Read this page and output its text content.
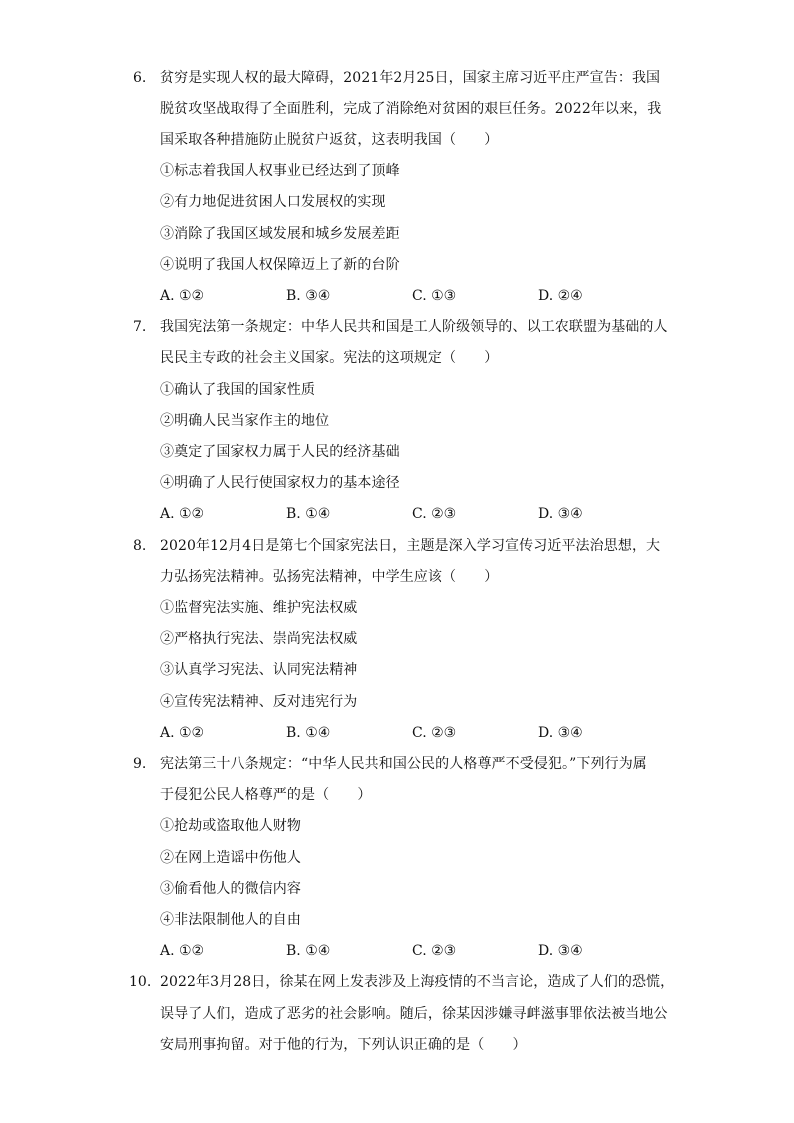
6. 贫穷是实现人权的最大障碍，2021年2月25日，国家主席习近平庄严宣告：我国
脱贫攻坚战取得了全面胜利，完成了消除绝对贫困的艰巨任务。2022年以来，我
国采取各种措施防止脱贫户返贫，这表明我国（　　）
①标志着我国人权事业已经达到了顶峰
②有力地促进贫困人口发展权的实现
③消除了我国区域发展和城乡发展差距
④说明了我国人权保障迈上了新的台阶
A. ①②	B. ③④	C. ①③	D. ②④
7. 我国宪法第一条规定：中华人民共和国是工人阶级领导的、以工农联盟为基础的人
民民主专政的社会主义国家。宪法的这项规定（　　）
①确认了我国的国家性质
②明确人民当家作主的地位
③奠定了国家权力属于人民的经济基础
④明确了人民行使国家权力的基本途径
A. ①②	B. ①④	C. ②③	D. ③④
8. 2020年12月4日是第七个国家宪法日，主题是深入学习宣传习近平法治思想，大
力弘扬宪法精神。弘扬宪法精神，中学生应该（　　）
①监督宪法实施、维护宪法权威
②严格执行宪法、崇尚宪法权威
③认真学习宪法、认同宪法精神
④宣传宪法精神、反对违宪行为
A. ①②	B. ①④	C. ②③	D. ③④
9. 宪法第三十八条规定：“中华人民共和国公民的人格尊严不受侵犯。”下列行为属
于侵犯公民人格尊严的是（　　）
①抢劫或盗取他人财物
②在网上造谣中伤他人
③偷看他人的微信内容
④非法限制他人的自由
A. ①②	B. ①④	C. ②③	D. ③④
10. 2022年3月28日，徐某在网上发表涉及上海疫情的不当言论，造成了人们的恐慌，
误导了人们，造成了恶劣的社会影响。随后，徐某因涉嫌寻衅滋事罪依法被当地公
安局刑事拘留。对于他的行为，下列认识正确的是（　　）
